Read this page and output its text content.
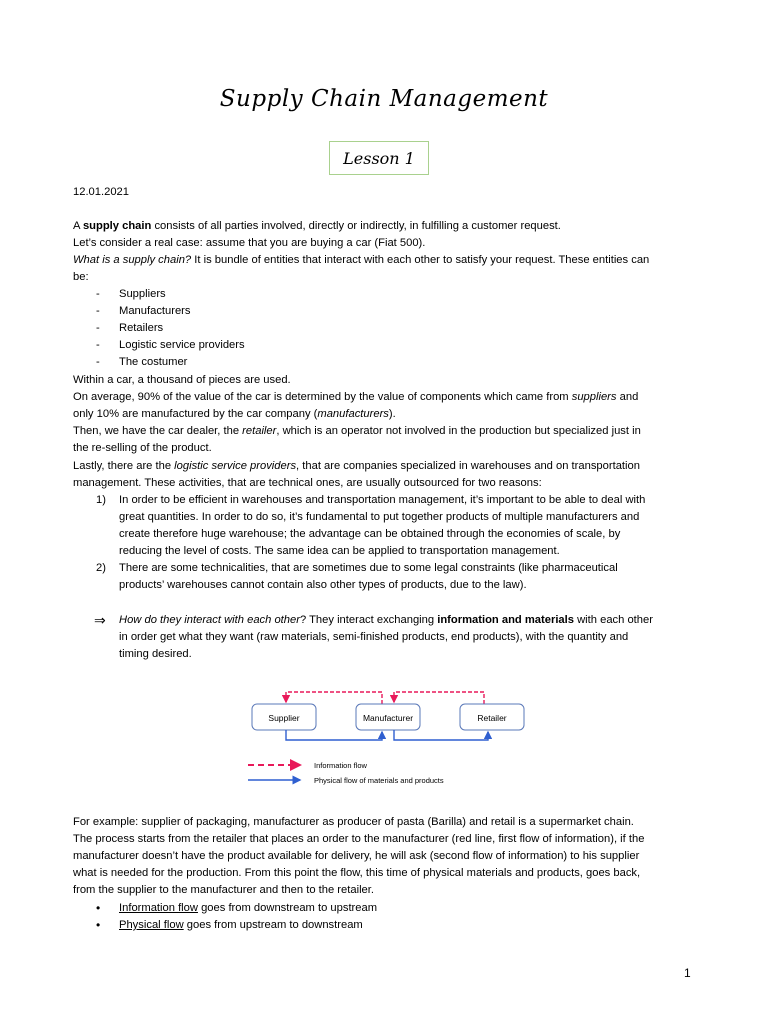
Supply Chain Management
Lesson 1
12.01.2021
A supply chain consists of all parties involved, directly or indirectly, in fulfilling a customer request.
Let’s consider a real case: assume that you are buying a car (Fiat 500).
What is a supply chain? It is bundle of entities that interact with each other to satisfy your request. These entities can
be:
- Suppliers
- Manufacturers
- Retailers
- Logistic service providers
- The costumer
Within a car, a thousand of pieces are used.
On average, 90% of the value of the car is determined by the value of components which came from suppliers and
only 10% are manufactured by the car company (manufacturers).
Then, we have the car dealer, the retailer, which is an operator not involved in the production but specialized just in
the re-selling of the product.
Lastly, there are the logistic service providers, that are companies specialized in warehouses and on transportation
management. These activities, that are technical ones, are usually outsourced for two reasons:
1) In order to be efficient in warehouses and transportation management, it’s important to be able to deal with
great quantities. In order to do so, it’s fundamental to put together products of multiple manufacturers and
create therefore huge warehouse; the advantage can be obtained through the economies of scale, by
reducing the level of costs. The same idea can be applied to transportation management.
2) There are some technicalities, that are sometimes due to some legal constraints (like pharmaceutical
products’ warehouses cannot contain also other types of products, due to the law).
⇒ How do they interact with each other? They interact exchanging information and materials with each other
in order get what they want (raw materials, semi-finished products, end products), with the quantity and
timing desired.
Supplier	Manufacturer	Retailer
Information flow
Physical flow of materials and products
For example: supplier of packaging, manufacturer as producer of pasta (Barilla) and retail is a supermarket chain.
The process starts from the retailer that places an order to the manufacturer (red line, first flow of information), if the
manufacturer doesn’t have the product available for delivery, he will ask (second flow of information) to his supplier
what is needed for the production. From this point the flow, this time of physical materials and products, goes back,
from the supplier to the manufacturer and then to the retailer.
• Information flow goes from downstream to upstream
• Physical flow goes from upstream to downstream
1
